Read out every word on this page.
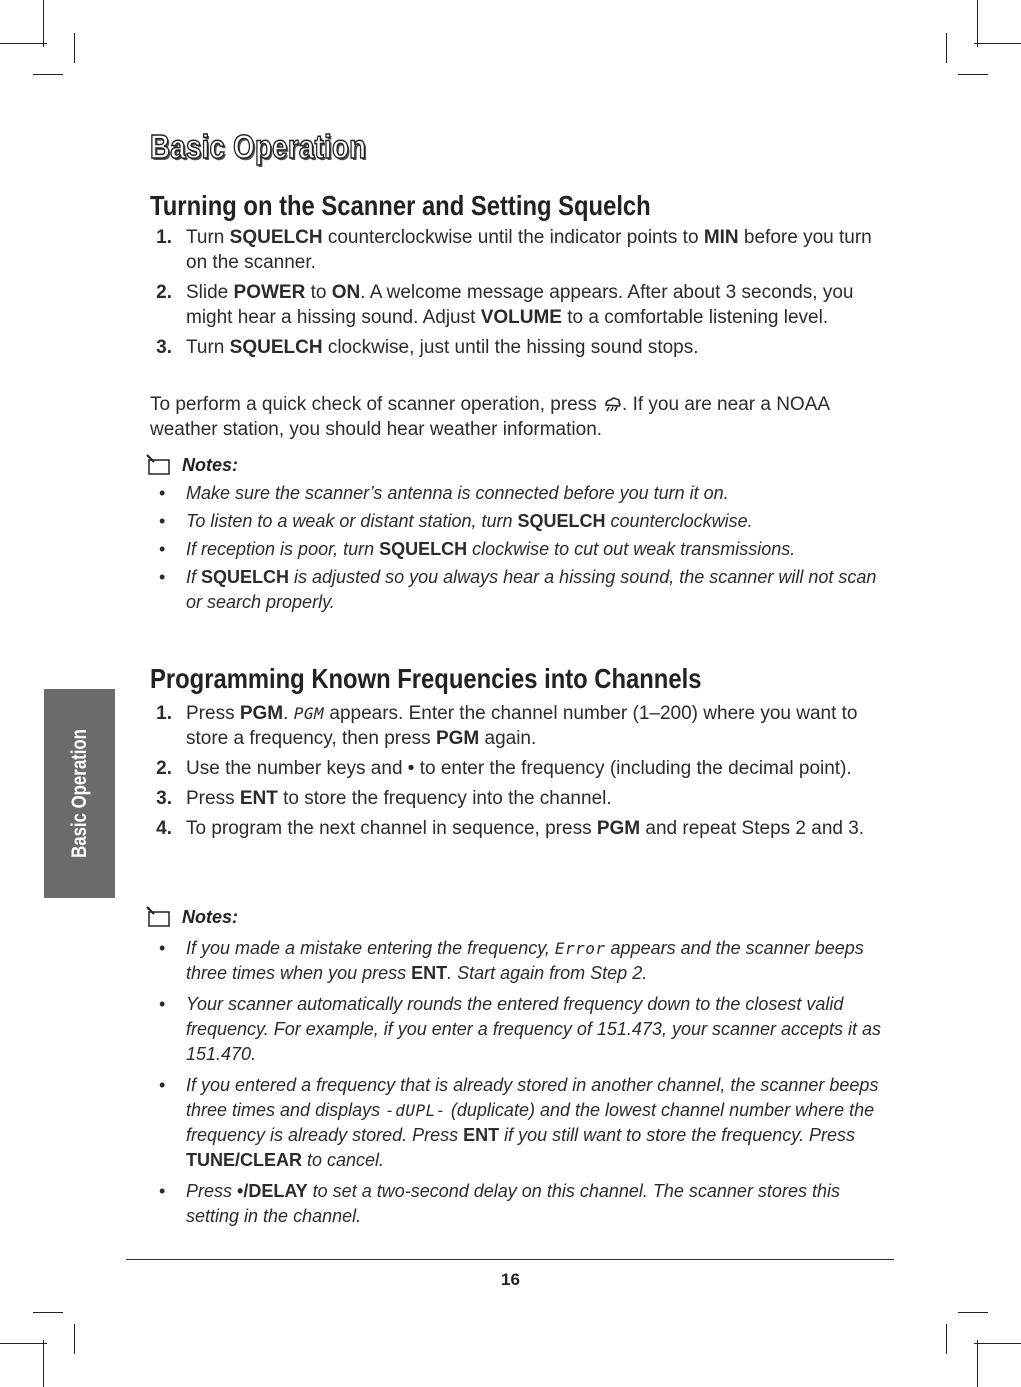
Basic Operation
Basic Operation
Turning on the Scanner and Setting Squelch
1. Turn SQUELCH counterclockwise until the indicator points to MIN before you turn on the scanner.
2. Slide POWER to ON. A welcome message appears. After about 3 seconds, you might hear a hissing sound. Adjust VOLUME to a comfortable listening level.
3. Turn SQUELCH clockwise, just until the hissing sound stops.

To perform a quick check of scanner operation, press . If you are near a NOAA weather station, you should hear weather information.

Notes:
• Make sure the scanner’s antenna is connected before you turn it on.
• To listen to a weak or distant station, turn SQUELCH counterclockwise.
• If reception is poor, turn SQUELCH clockwise to cut out weak transmissions.
• If SQUELCH is adjusted so you always hear a hissing sound, the scanner will not scan or search properly.
Programming Known Frequencies into Channels
1. Press PGM. PGM appears. Enter the channel number (1–200) where you want to store a frequency, then press PGM again.
2. Use the number keys and • to enter the frequency (including the decimal point).
3. Press ENT to store the frequency into the channel.
4. To program the next channel in sequence, press PGM and repeat Steps 2 and 3.
Notes:
• If you made a mistake entering the frequency, Error appears and the scanner beeps three times when you press ENT. Start again from Step 2.
• Your scanner automatically rounds the entered frequency down to the closest valid frequency. For example, if you enter a frequency of 151.473, your scanner accepts it as 151.470.
• If you entered a frequency that is already stored in another channel, the scanner beeps three times and displays -dUPL- (duplicate) and the lowest channel number where the frequency is already stored. Press ENT if you still want to store the frequency. Press TUNE/CLEAR to cancel.
• Press •/DELAY to set a two-second delay on this channel. The scanner stores this setting in the channel.
16
